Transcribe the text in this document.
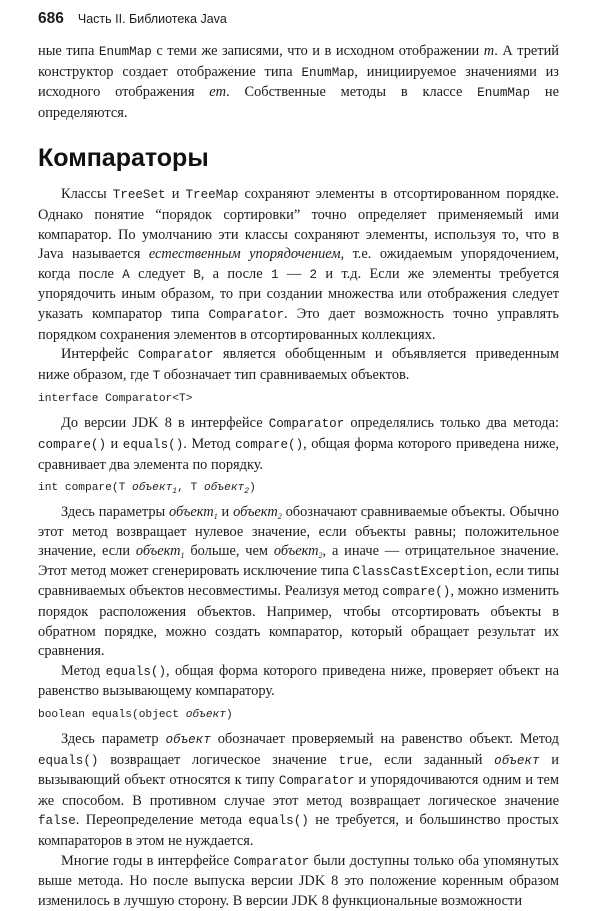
686 Часть II. Библиотека Java

ные типа EnumMap с теми же записями, что и в исходном отображении m. А третий конструктор создает отображение типа EnumMap, инициируемое значениями из исходного отображения em. Собственные методы в классе EnumMap не определяются.

Компараторы

Классы TreeSet и TreeMap сохраняют элементы в отсортированном порядке. Однако понятие “порядок сортировки” точно определяет применяемый ими компаратор. По умолчанию эти классы сохраняют элементы, используя то, что в Java называется естественным упорядочением, т.е. ожидаемым упорядочением, когда после A следует B, а после 1 — 2 и т.д. Если же элементы требуется упорядочить иным образом, то при создании множества или отображения следует указать компаратор типа Comparator. Это дает возможность точно управлять порядком сохранения элементов в отсортированных коллекциях.

Интерфейс Comparator является обобщенным и объявляется приведенным ниже образом, где T обозначает тип сравниваемых объектов.

interface Comparator<T>

До версии JDK 8 в интерфейсе Comparator определялись только два метода: compare() и equals(). Метод compare(), общая форма которого приведена ниже, сравнивает два элемента по порядку.

int compare(T объект$_1$, T объект$_2$)

Здесь параметры объект$_1$ и объект$_2$ обозначают сравниваемые объекты. Обычно этот метод возвращает нулевое значение, если объекты равны; положительное значение, если объект$_1$ больше, чем объект$_2$, а иначе — отрицательное значение. Этот метод может сгенерировать исключение типа ClassCastException, если типы сравниваемых объектов несовместимы. Реализуя метод compare(), можно изменить порядок расположения объектов. Например, чтобы отсортировать объекты в обратном порядке, можно создать компаратор, который обращает результат их сравнения.

Метод equals(), общая форма которого приведена ниже, проверяет объект на равенство вызывающему компаратору.

boolean equals(object объект)

Здесь параметр объект обозначает проверяемый на равенство объект. Метод equals() возвращает логическое значение true, если заданный объект и вызывающий объект относятся к типу Comparator и упорядочиваются одним и тем же способом. В противном случае этот метод возвращает логическое значение false. Переопределение метода equals() не требуется, и большинство простых компараторов в этом не нуждается.

Многие годы в интерфейсе Comparator были доступны только оба упомянутых выше метода. Но после выпуска версии JDK 8 это положение коренным образом изменилось в лучшую сторону. В версии JDK 8 функциональные возможности
